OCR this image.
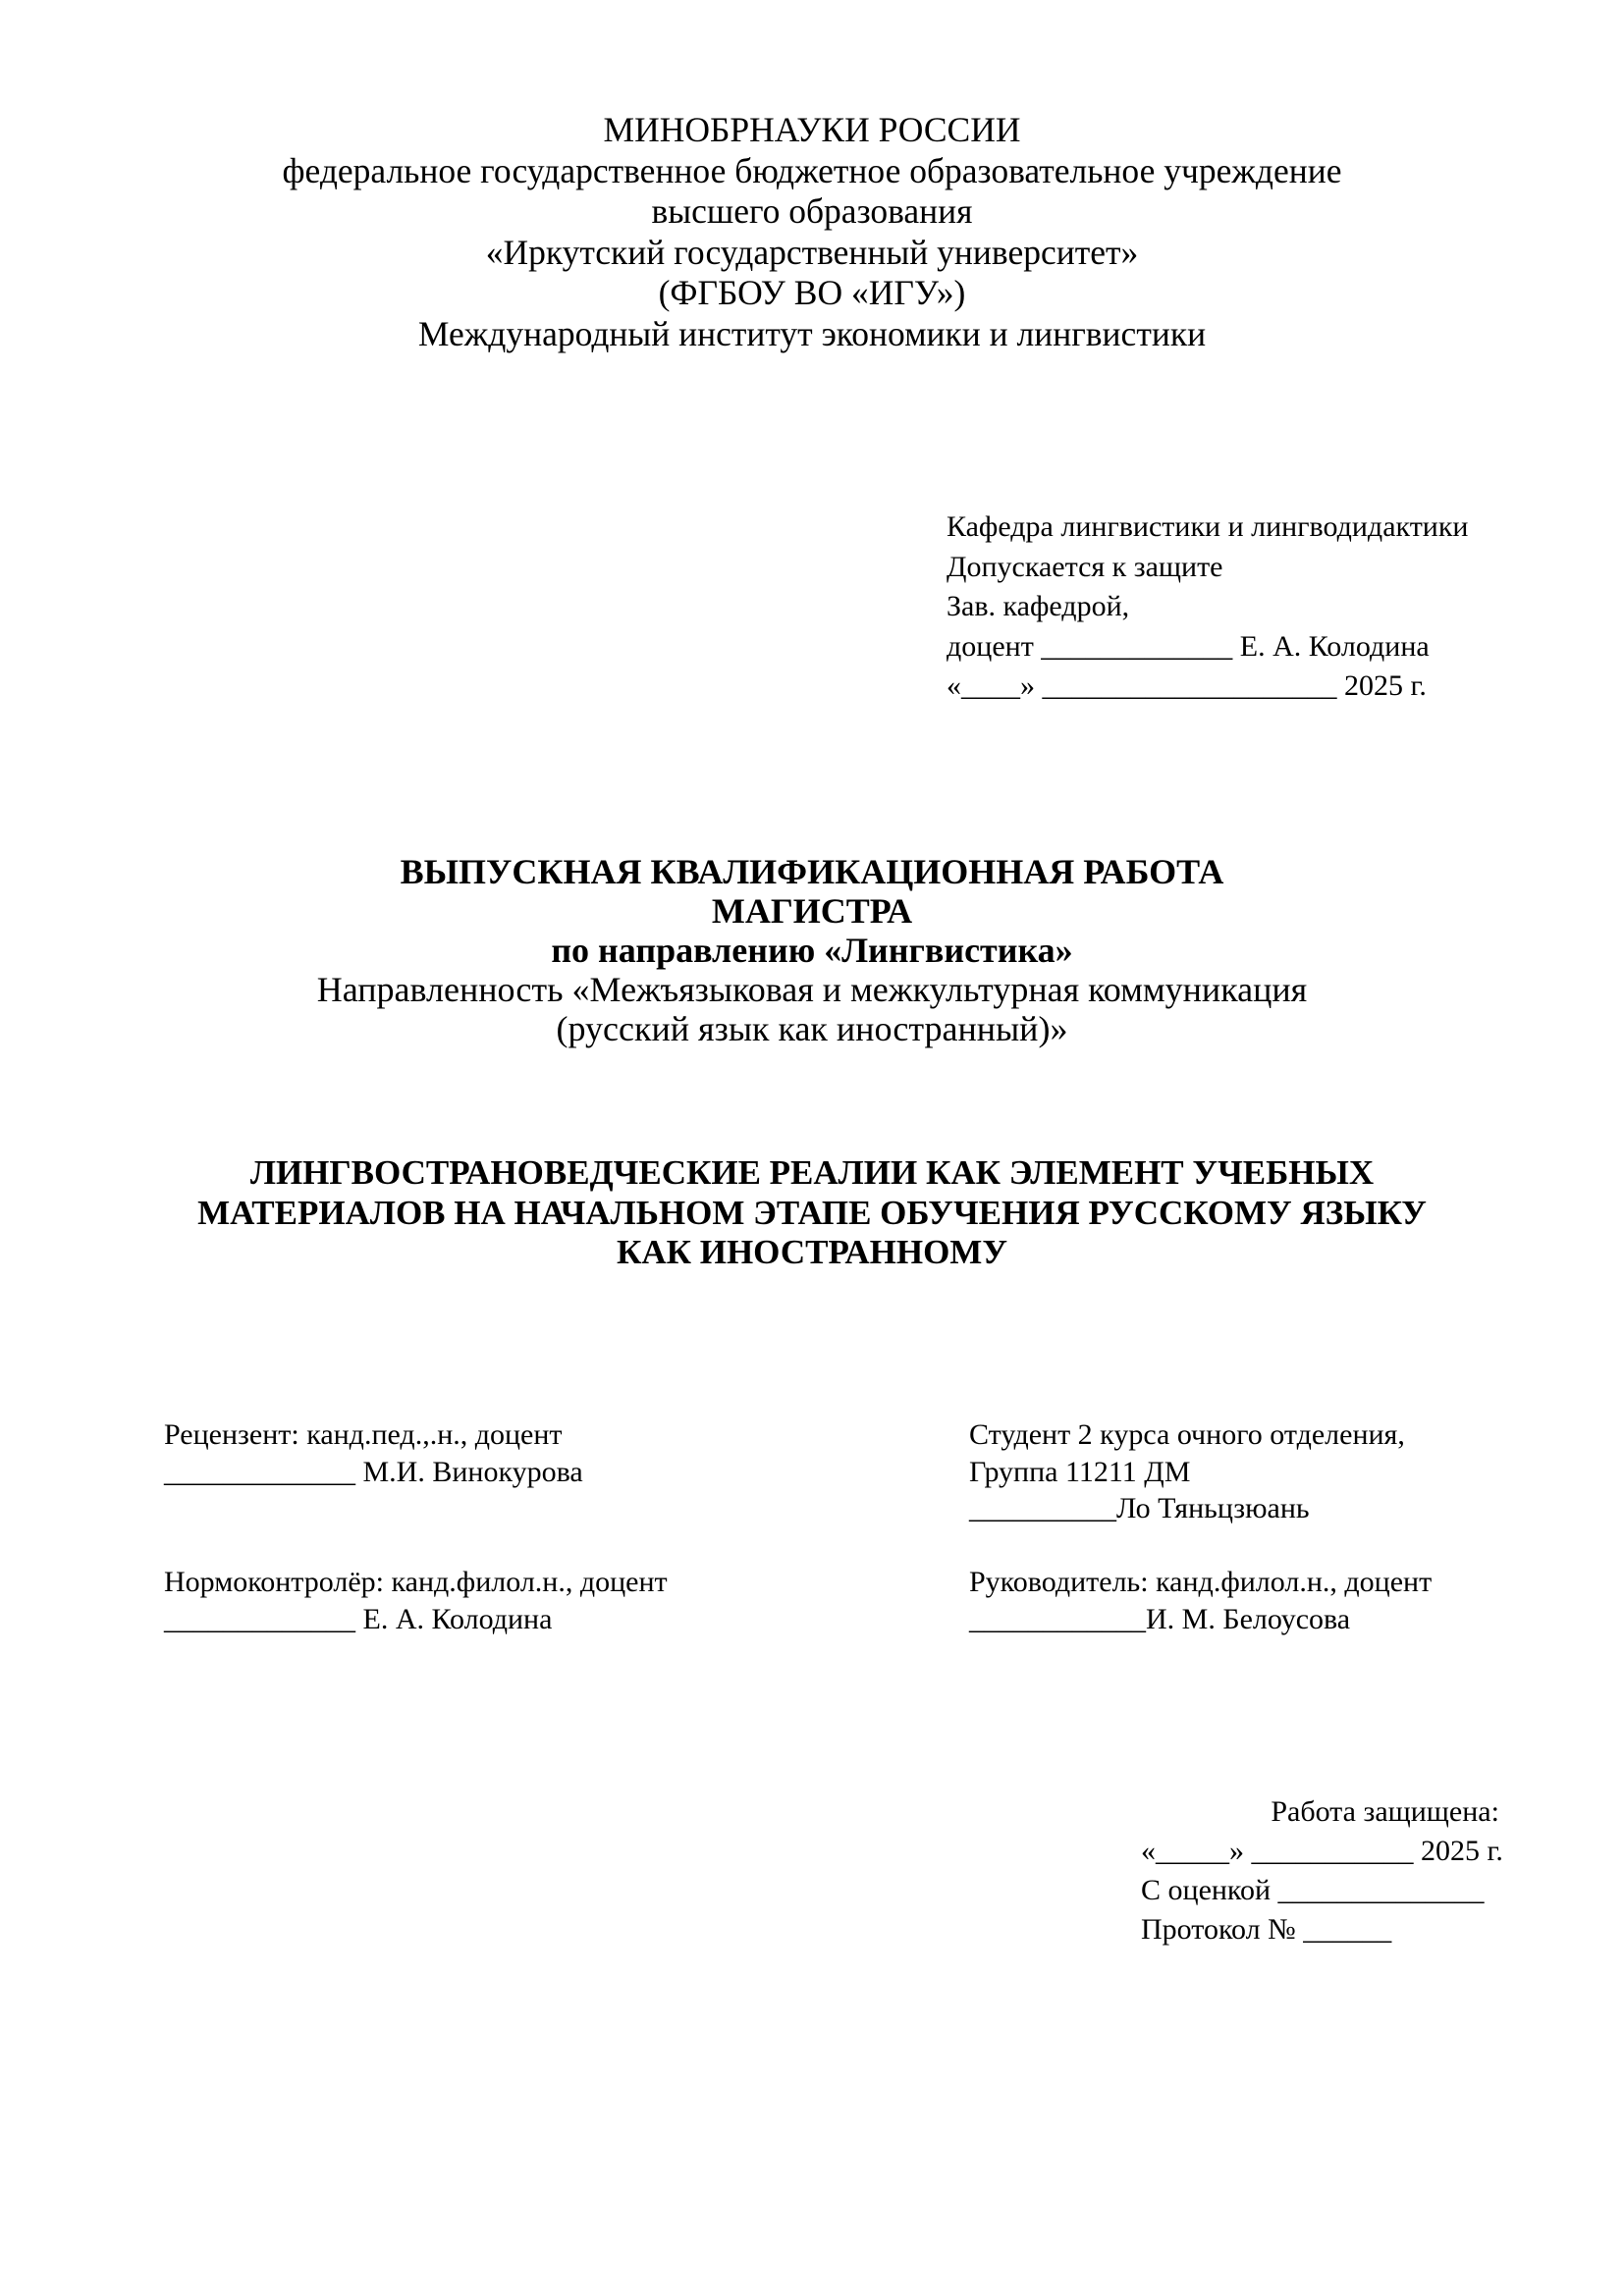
МИНОБРНАУКИ РОССИИ
федеральное государственное бюджетное образовательное учреждение
высшего образования
«Иркутский государственный университет»
(ФГБОУ ВО «ИГУ»)
Международный институт экономики и лингвистики
Кафедра лингвистики и лингводидактики
Допускается к защите
Зав. кафедрой,
доцент _____________ Е. А. Колодина
«____» ____________________ 2025 г.
ВЫПУСКНАЯ КВАЛИФИКАЦИОННАЯ РАБОТА
МАГИСТРА
по направлению «Лингвистика»
Направленность «Межъязыковая и межкультурная коммуникация
(русский язык как иностранный)»
ЛИНГВОСТРАНОВЕДЧЕСКИЕ РЕАЛИИ КАК ЭЛЕМЕНТ УЧЕБНЫХ
МАТЕРИАЛОВ НА НАЧАЛЬНОМ ЭТАПЕ ОБУЧЕНИЯ РУССКОМУ ЯЗЫКУ
КАК ИНОСТРАННОМУ
Рецензент: канд.пед.,.н., доцент
_____________ М.И. Винокурова
Студент 2 курса очного отделения,
Группа 11211 ДМ
__________Ло Тяньцзюань
Нормоконтролёр: канд.филол.н., доцент
_____________ Е. А. Колодина
Руководитель: канд.филол.н., доцент
____________И. М. Белоусова
Работа защищена:
«_____» ___________ 2025 г.
С оценкой ______________
Протокол № ______
